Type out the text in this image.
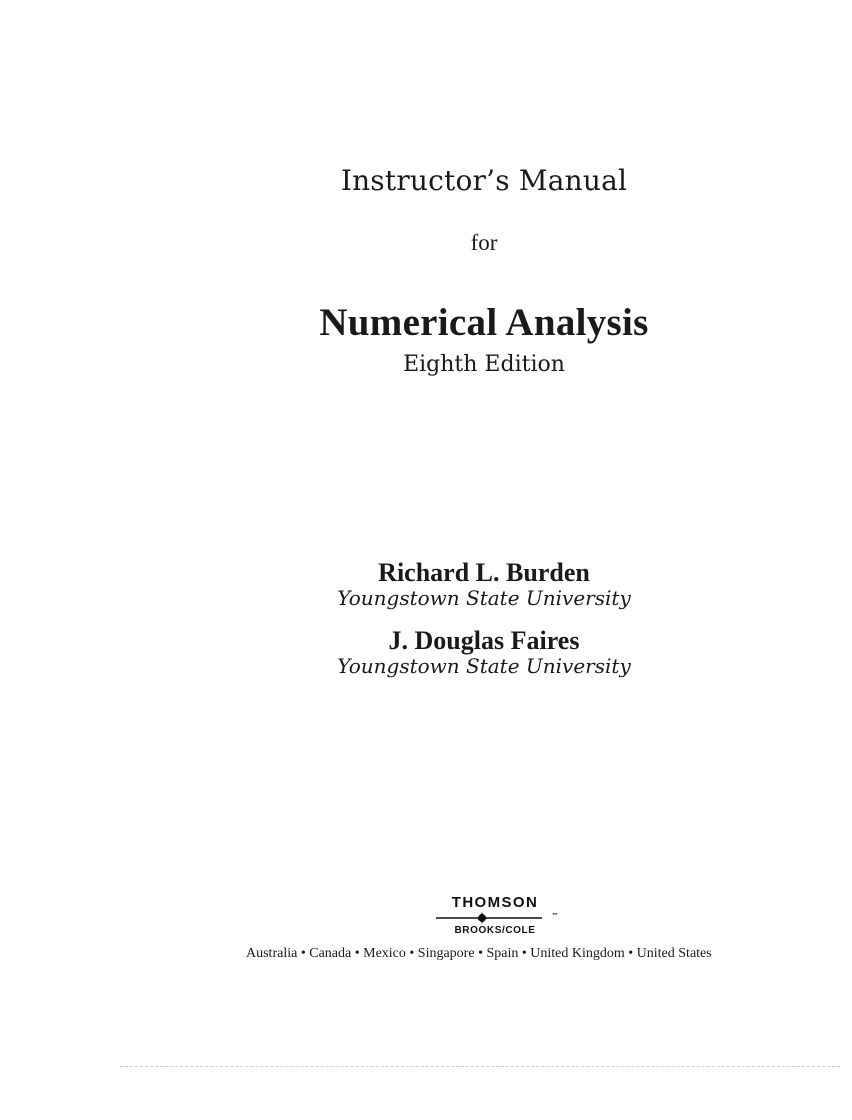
Instructor’s Manual
for
Numerical Analysis
Eighth Edition
Richard L. Burden
Youngstown State University
J. Douglas Faires
Youngstown State University
THOMSON
™
BROOKS/COLE
Australia • Canada • Mexico • Singapore • Spain • United Kingdom • United States
